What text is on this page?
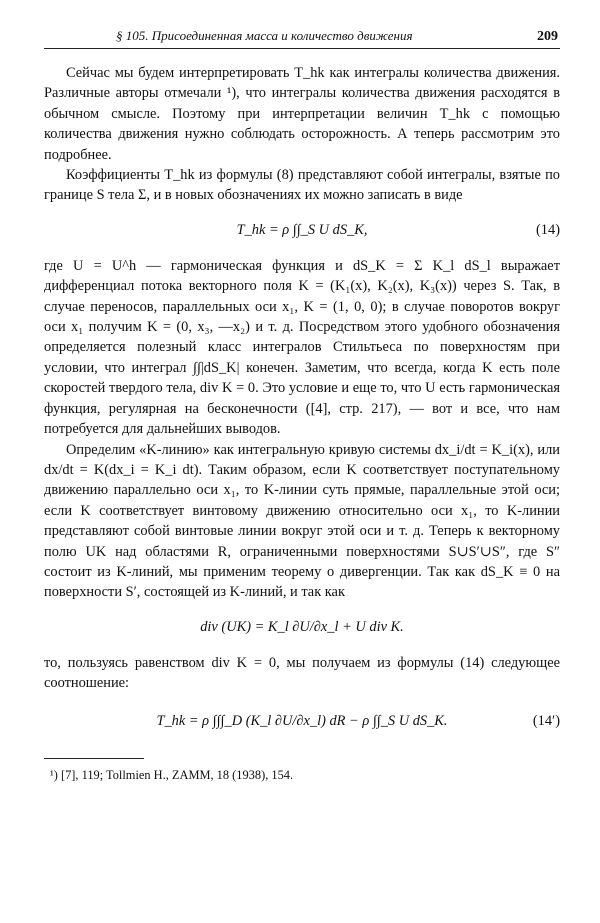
§ 105. Присоединенная масса и количество движения	209

Сейчас мы будем интерпретировать T_hk как интегралы количества движения. Различные авторы отмечали ¹), что интегралы количества движения расходятся в обычном смысле. Поэтому при интерпретации величин T_hk с помощью количества движения нужно соблюдать осторожность. А теперь рассмотрим это подробнее.

Коэффициенты T_hk из формулы (8) представляют собой интегралы, взятые по границе S тела Σ, и в новых обозначениях их можно записать в виде

T_hk = ρ ∫∫_S U dS_K,	(14)

где U = U^h — гармоническая функция и dS_K = Σ K_l dS_l выражает дифференциал потока векторного поля K = (K₁(x), K₂(x), K₃(x)) через S. Так, в случае переносов, параллельных оси x₁, K = (1, 0, 0); в случае поворотов вокруг оси x₁ получим K = (0, x₃, —x₂) и т. д. Посредством этого удобного обозначения определяется полезный класс интегралов Стильтьеса по поверхностям при условии, что интеграл ∫∫|dS_K| конечен. Заметим, что всегда, когда K есть поле скоростей твердого тела, div K = 0. Это условие и еще то, что U есть гармоническая функция, регулярная на бесконечности ([4], стр. 217), — вот и все, что нам потребуется для дальнейших выводов.

Определим «K-линию» как интегральную кривую системы dx_i/dt = K_i(x), или dx/dt = K(dx_i = K_i dt). Таким образом, если K соответствует поступательному движению параллельно оси x₁, то K-линии суть прямые, параллельные этой оси; если K соответствует винтовому движению относительно оси x₁, то K-линии представляют собой винтовые линии вокруг этой оси и т. д. Теперь к векторному полю UK над областями R, ограниченными поверхностями S∪S′∪S″, где S″ состоит из K-линий, мы применим теорему о дивергенции. Так как dS_K ≡ 0 на поверхности S′, состоящей из K-линий, и так как

div (UK) = K_l ∂U/∂x_l + U div K.

то, пользуясь равенством div K = 0, мы получаем из формулы (14) следующее соотношение:

T_hk = ρ ∫∫∫_D (K_l ∂U/∂x_l) dR − ρ ∫∫_S U dS_K.	(14′)
¹) [7], 119; Tollmien H., ZAMM, 18 (1938), 154.
